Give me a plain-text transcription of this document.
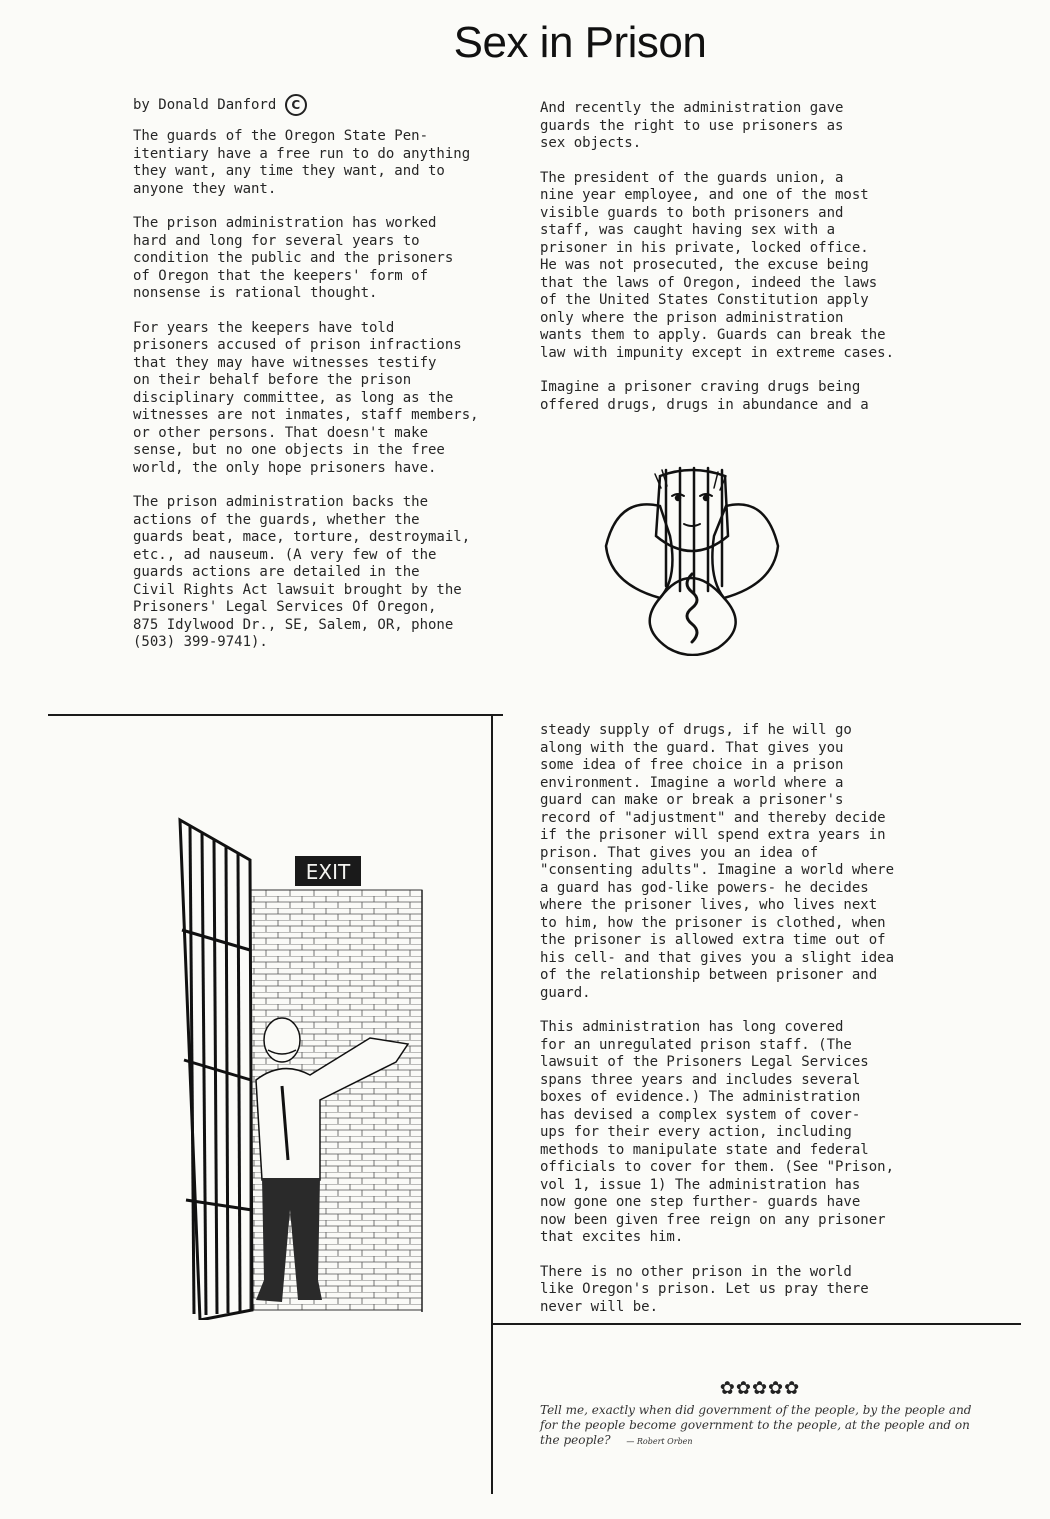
Sex in Prison

by Donald Danford C

The guards of the Oregon State Pen-
itentiary have a free run to do anything
they want, any time they want, and to
anyone they want.

The prison administration has worked
hard and long for several years to
condition the public and the prisoners
of Oregon that the keepers' form of
nonsense is rational thought.

For years the keepers have told
prisoners accused of prison infractions
that they may have witnesses testify
on their behalf before the prison
disciplinary committee, as long as the
witnesses are not inmates, staff members,
or other persons. That doesn't make
sense, but no one objects in the free
world, the only hope prisoners have.

The prison administration backs the
actions of the guards, whether the
guards beat, mace, torture, destroymail,
etc., ad nauseum. (A very few of the
guards actions are detailed in the
Civil Rights Act lawsuit brought by the
Prisoners' Legal Services Of Oregon,
875 Idylwood Dr., SE, Salem, OR, phone
(503) 399-9741).

And recently the administration gave
guards the right to use prisoners as
sex objects.

The president of the guards union, a
nine year employee, and one of the most
visible guards to both prisoners and
staff, was caught having sex with a
prisoner in his private, locked office.
He was not prosecuted, the excuse being
that the laws of Oregon, indeed the laws
of the United States Constitution apply
only where the prison administration
wants them to apply. Guards can break the
law with impunity except in extreme cases.

Imagine a prisoner craving drugs being
offered drugs, drugs in abundance and a

EXIT

steady supply of drugs, if he will go
along with the guard. That gives you
some idea of free choice in a prison
environment. Imagine a world where a
guard can make or break a prisoner's
record of "adjustment" and thereby decide
if the prisoner will spend extra years in
prison. That gives you an idea of
"consenting adults". Imagine a world where
a guard has god-like powers- he decides
where the prisoner lives, who lives next
to him, how the prisoner is clothed, when
the prisoner is allowed extra time out of
his cell- and that gives you a slight idea
of the relationship between prisoner and
guard.

This administration has long covered
for an unregulated prison staff. (The
lawsuit of the Prisoners Legal Services
spans three years and includes several
boxes of evidence.) The administration
has devised a complex system of cover-
ups for their every action, including
methods to manipulate state and federal
officials to cover for them. (See "Prison,
vol 1, issue 1) The administration has
now gone one step further- guards have
now been given free reign on any prisoner
that excites him.

There is no other prison in the world
like Oregon's prison. Let us pray there
never will be.

✿✿✿✿✿
Tell me, exactly when did government of the people, by the people and for the people become government to the people, at the people and on the people? — Robert Orben
